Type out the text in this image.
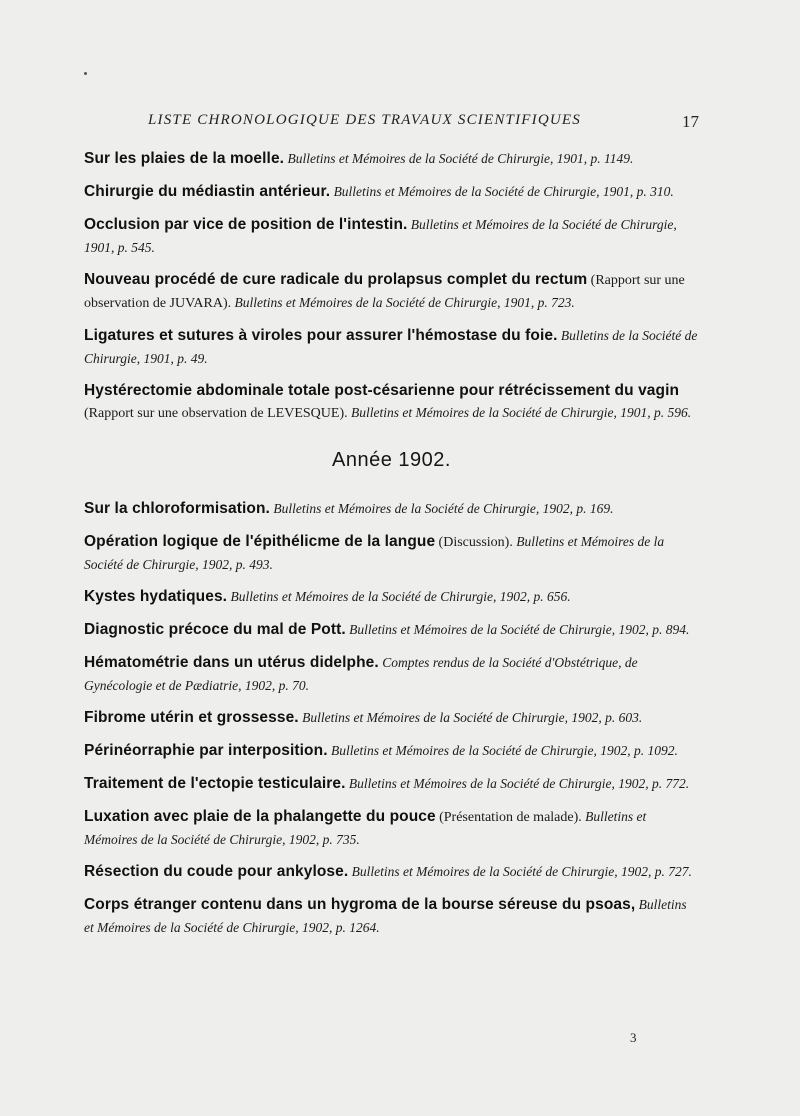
LISTE CHRONOLOGIQUE DES TRAVAUX SCIENTIFIQUES	17

Sur les plaies de la moelle. Bulletins et Mémoires de la Société de Chirurgie, 1901, p. 1149.

Chirurgie du médiastin antérieur. Bulletins et Mémoires de la Société de Chirurgie, 1901, p. 310.

Occlusion par vice de position de l'intestin. Bulletins et Mémoires de la Société de Chirurgie, 1901, p. 545.

Nouveau procédé de cure radicale du prolapsus complet du rectum (Rapport sur une observation de JUVARA). Bulletins et Mémoires de la Société de Chirurgie, 1901, p. 723.

Ligatures et sutures à viroles pour assurer l'hémostase du foie. Bulletins de la Société de Chirurgie, 1901, p. 49.

Hystérectomie abdominale totale post-césarienne pour rétrécissement du vagin (Rapport sur une observation de LEVESQUE). Bulletins et Mémoires de la Société de Chirurgie, 1901, p. 596.

Année 1902.

Sur la chloroformisation. Bulletins et Mémoires de la Société de Chirurgie, 1902, p. 169.

Opération logique de l'épithélicme de la langue (Discussion). Bulletins et Mémoires de la Société de Chirurgie, 1902, p. 493.

Kystes hydatiques. Bulletins et Mémoires de la Société de Chirurgie, 1902, p. 656.

Diagnostic précoce du mal de Pott. Bulletins et Mémoires de la Société de Chirurgie, 1902, p. 894.

Hématométrie dans un utérus didelphe. Comptes rendus de la Société d'Obstétrique, de Gynécologie et de Pædiatrie, 1902, p. 70.

Fibrome utérin et grossesse. Bulletins et Mémoires de la Société de Chirurgie, 1902, p. 603.

Périnéorraphie par interposition. Bulletins et Mémoires de la Société de Chirurgie, 1902, p. 1092.

Traitement de l'ectopie testiculaire. Bulletins et Mémoires de la Société de Chirurgie, 1902, p. 772.

Luxation avec plaie de la phalangette du pouce (Présentation de malade). Bulletins et Mémoires de la Société de Chirurgie, 1902, p. 735.

Résection du coude pour ankylose. Bulletins et Mémoires de la Société de Chirurgie, 1902, p. 727.

Corps étranger contenu dans un hygroma de la bourse séreuse du psoas, Bulletins et Mémoires de la Société de Chirurgie, 1902, p. 1264.

3
